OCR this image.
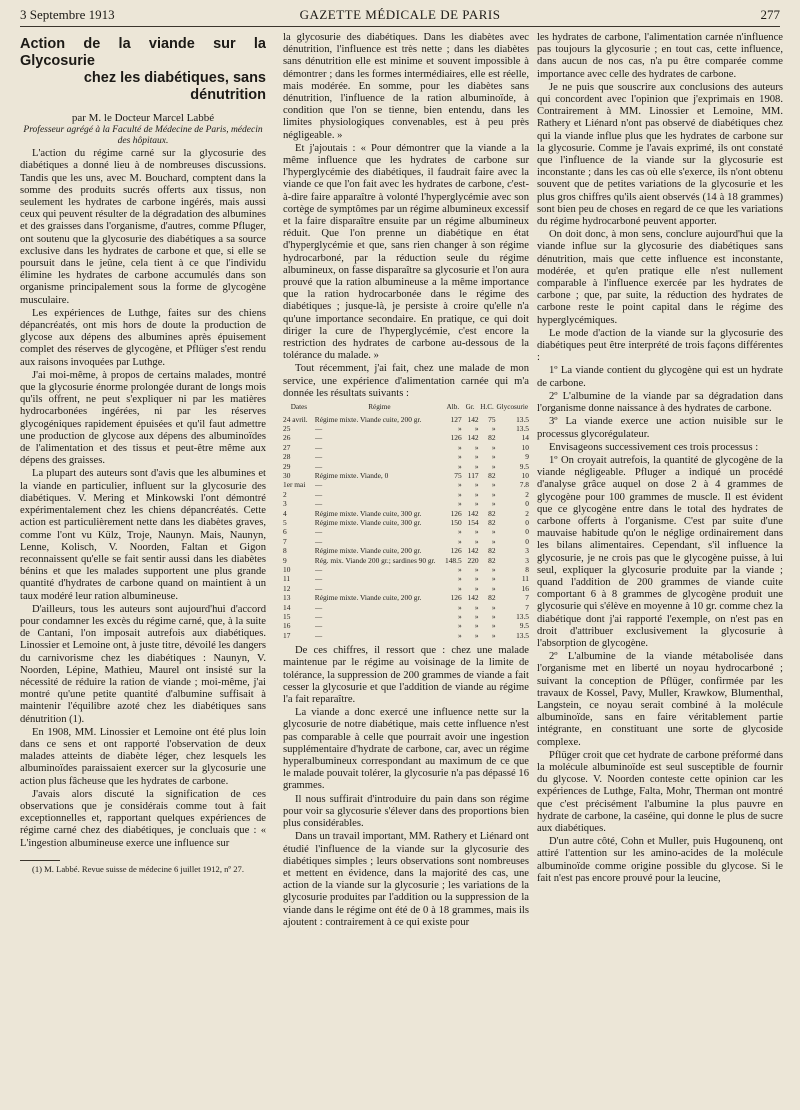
3 Septembre 1913	GAZETTE MÉDICALE DE PARIS	277
Action de la viande sur la Glycosurie
chez les diabétiques, sans dénutrition

par M. le Docteur Marcel Labbé

Professeur agrégé à la Faculté de Médecine de Paris, médecin des hôpitaux.

L'action du régime carné sur la glycosurie des diabétiques a donné lieu à de nombreuses discussions. Tandis que les uns, avec M. Bouchard, comptent dans la somme des produits sucrés offerts aux tissus, non seulement les hydrates de carbone ingérés, mais aussi ceux qui peuvent résulter de la dégradation des albumines et des graisses dans l'organisme, d'autres, comme Pfluger, ont soutenu que la glycosurie des diabétiques a sa source exclusive dans les hydrates de carbone et que, si elle se poursuit dans le jeûne, cela tient à ce que l'individu élimine les hydrates de carbone accumulés dans son organisme principalement sous la forme de glycogène musculaire.

Les expériences de Luthge, faites sur des chiens dépancréatés, ont mis hors de doute la production de glycose aux dépens des albumines après épuisement complet des réserves de glycogène, et Pflüger s'est rendu aux raisons invoquées par Luthge.

J'ai moi-même, à propos de certains malades, montré que la glycosurie énorme prolongée durant de longs mois qu'ils offrent, ne peut s'expliquer ni par les matières hydrocarbonées ingérées, ni par les réserves glycogéniques rapidement épuisées et qu'il faut admettre une production de glycose aux dépens des albuminoïdes de l'alimentation et des tissus et peut-être même aux dépens des graisses.

La plupart des auteurs sont d'avis que les albumines et la viande en particulier, influent sur la glycosurie des diabétiques. V. Mering et Minkowski l'ont démontré expérimentalement chez les chiens dépancréatés. Cette action est particulièrement nette dans les diabètes graves, comme l'ont vu Külz, Troje, Naunyn. Mais, Naunyn, Lenne, Kolisch, V. Noorden, Faltan et Gigon reconnaissent qu'elle se fait sentir aussi dans les diabètes bénins et que les malades supportent une plus grande quantité d'hydrates de carbone quand on maintient à un taux modéré leur ration albumineuse.

D'ailleurs, tous les auteurs sont aujourd'hui d'accord pour condamner les excès du régime carné, que, à la suite de Cantani, l'on imposait autrefois aux diabétiques. Linossier et Lemoine ont, à juste titre, dévoilé les dangers du carnivorisme chez les diabétiques : Naunyn, V. Noorden, Lépine, Mathieu, Maurel ont insisté sur la nécessité de réduire la ration de viande ; moi-même, j'ai montré qu'une petite quantité d'albumine suffisait à maintenir l'équilibre azoté chez les diabétiques sans dénutrition (1).

En 1908, MM. Linossier et Lemoine ont été plus loin dans ce sens et ont rapporté l'observation de deux malades atteints de diabète léger, chez lesquels les albuminoïdes paraissaient exercer sur la glycosurie une action plus fâcheuse que les hydrates de carbone.

J'avais alors discuté la signification de ces observations que je considérais comme tout à fait exceptionnelles et, rapportant quelques expériences de régime carné chez des diabétiques, je concluais que : « L'ingestion albumineuse exerce une influence sur

(1) M. Labbé. Revue suisse de médecine 6 juillet 1912, nº 27.

la glycosurie des diabétiques. Dans les diabètes avec dénutrition, l'influence est très nette ; dans les diabètes sans dénutrition elle est minime et souvent impossible à démontrer ; dans les formes intermédiaires, elle est réelle, mais modérée. En somme, pour les diabètes sans dénutrition, l'influence de la ration albuminoïde, à condition que l'on se tienne, bien entendu, dans les limites physiologiques convenables, est à peu près négligeable. »

Et j'ajoutais : « Pour démontrer que la viande a la même influence que les hydrates de carbone sur l'hyperglycémie des diabétiques, il faudrait faire avec la viande ce que l'on fait avec les hydrates de carbone, c'est-à-dire faire apparaître à volonté l'hyperglycémie avec son cortège de symptômes par un régime albumineux excessif et la faire disparaître ensuite par un régime albumineux réduit. Que l'on prenne un diabétique en état d'hyperglycémie et que, sans rien changer à son régime hydrocarboné, par la réduction seule du régime albumineux, on fasse disparaître sa glycosurie et l'on aura prouvé que la ration albumineuse a la même importance que la ration hydrocarbonée dans le régime des diabétiques ; jusque-là, je persiste à croire qu'elle n'a qu'une importance secondaire. En pratique, ce qui doit diriger la cure de l'hyperglycémie, c'est encore la restriction des hydrates de carbone au-dessous de la tolérance du malade. »

Tout récemment, j'ai fait, chez une malade de mon service, une expérience d'alimentation carnée qui m'a donnée les résultats suivants :

Dates	Régime	Alb.	Gr.	H.C.	Glycosurie
24 avril.	Régime mixte. Viande cuite, 200 gr.	127	142	75	13.5
25	—	»	»	»	13.5
26	—	126	142	82	14
27	—	»	»	»	10
28	—	»	»	»	9
29	—	»	»	»	9.5
30	Régime mixte. Viande, 0	75	117	82	10
1er mai	—	»	»	»	7.8
2	—	»	»	»	2
3	—	»	»	»	0
4	Régime mixte. Viande cuite, 300 gr.	126	142	82	2
5	Régime mixte. Viande cuite, 300 gr.	150	154	82	0
6	—	»	»	»	0
7	—	»	»	»	0
8	Régime mixte. Viande cuite, 200 gr.	126	142	82	3
9	Rég. mix. Viande 200 gr.; sardines 90 gr.	148.5	220	82	3
10	—	»	»	»	8
11	—	»	»	»	11
12	—	»	»	»	16
13	Régime mixte. Viande cuite, 200 gr.	126	142	82	7
14	—	»	»	»	7
15	—	»	»	»	13.5
16	—	»	»	»	9.5
17	—	»	»	»	13.5

De ces chiffres, il ressort que : chez une malade maintenue par le régime au voisinage de la limite de tolérance, la suppression de 200 grammes de viande a fait cesser la glycosurie et que l'addition de viande au régime l'a fait reparaître.

La viande a donc exercé une influence nette sur la glycosurie de notre diabétique, mais cette influence n'est pas comparable à celle que pourrait avoir une ingestion supplémentaire d'hydrate de carbone, car, avec un régime hyperalbumineux correspondant au maximum de ce que le malade pouvait tolérer, la glycosurie n'a pas dépassé 16 grammes.

Il nous suffirait d'introduire du pain dans son régime pour voir sa glycosurie s'élever dans des proportions bien plus considérables.

Dans un travail important, MM. Rathery et Liénard ont étudié l'influence de la viande sur la glycosurie des diabétiques simples ; leurs observations sont nombreuses et mettent en évidence, dans la majorité des cas, une action de la viande sur la glycosurie ; les variations de la glycosurie produites par l'addition ou la suppression de la viande dans le régime ont été de 0 à 18 grammes, mais ils ajoutent : contrairement à ce qui existe pour

les hydrates de carbone, l'alimentation carnée n'influence pas toujours la glycosurie ; en tout cas, cette influence, dans aucun de nos cas, n'a pu être comparée comme importance avec celle des hydrates de carbone.

Je ne puis que souscrire aux conclusions des auteurs qui concordent avec l'opinion que j'exprimais en 1908. Contrairement à MM. Linossier et Lemoine, MM. Rathery et Liénard n'ont pas observé de diabétiques chez qui la viande influe plus que les hydrates de carbone sur la glycosurie. Comme je l'avais exprimé, ils ont constaté que l'influence de la viande sur la glycosurie est inconstante ; dans les cas où elle s'exerce, ils n'ont obtenu souvent que de petites variations de la glycosurie et les plus gros chiffres qu'ils aient observés (14 à 18 grammes) sont bien peu de choses en regard de ce que les variations du régime hydrocarboné peuvent apporter.

On doit donc, à mon sens, conclure aujourd'hui que la viande influe sur la glycosurie des diabétiques sans dénutrition, mais que cette influence est inconstante, modérée, et qu'en pratique elle n'est nullement comparable à l'influence exercée par les hydrates de carbone ; que, par suite, la réduction des hydrates de carbone reste le point capital dans le régime des hyperglycémiques.

Le mode d'action de la viande sur la glycosurie des diabétiques peut être interprété de trois façons différentes :

1º La viande contient du glycogène qui est un hydrate de carbone.

2º L'albumine de la viande par sa dégradation dans l'organisme donne naissance à des hydrates de carbone.

3º La viande exerce une action nuisible sur le processus glycorégulateur.

Envisageons successivement ces trois processus :

1º On croyait autrefois, la quantité de glycogène de la viande négligeable. Pfluger a indiqué un procédé d'analyse grâce auquel on dose 2 à 4 grammes de glycogène pour 100 grammes de muscle. Il est évident que ce glycogène entre dans le total des hydrates de carbone offerts à l'organisme. C'est par suite d'une mauvaise habitude qu'on le néglige ordinairement dans les bilans alimentaires. Cependant, s'il influence la glycosurie, je ne crois pas que le glycogène puisse, à lui seul, expliquer la glycosurie produite par la viande ; quand l'addition de 200 grammes de viande cuite comportant 6 à 8 grammes de glycogène produit une glycosurie qui s'élève en moyenne à 10 gr. comme chez la diabétique dont j'ai rapporté l'exemple, on n'est pas en droit d'attribuer exclusivement la glycosurie à l'absorption de glycogène.

2º L'albumine de la viande métabolisée dans l'organisme met en liberté un noyau hydrocarboné ; suivant la conception de Pflüger, confirmée par les travaux de Kossel, Pavy, Muller, Krawkow, Blumenthal, Langstein, ce noyau serait combiné à la molécule albuminoïde, sans en faire véritablement partie intégrante, en constituant une sorte de glycoside complexe.

Pflüger croit que cet hydrate de carbone préformé dans la molécule albuminoïde est seul susceptible de fournir du glycose. V. Noorden conteste cette opinion car les expériences de Luthge, Falta, Mohr, Therman ont montré que c'est précisément l'albumine la plus pauvre en hydrate de carbone, la caséine, qui donne le plus de sucre aux diabétiques.

D'un autre côté, Cohn et Muller, puis Hugounenq, ont attiré l'attention sur les amino-acides de la molécule albuminoïde comme origine possible du glycose. Si le fait n'est pas encore prouvé pour la leucine,
